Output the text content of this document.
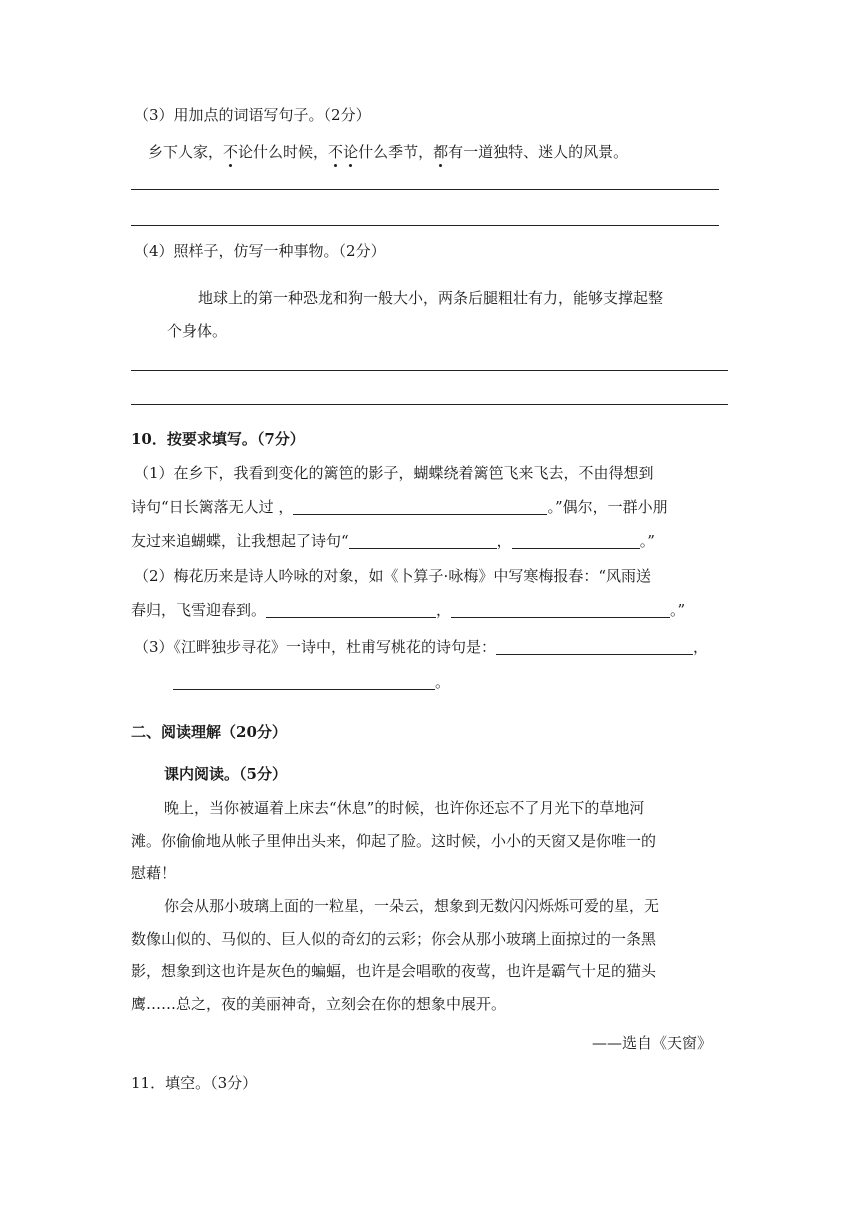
（3）用加点的词语写句子。（2分）
乡下人家，不论什么时候，不论什么季节，都有一道独特、迷人的风景。
（4）照样子，仿写一种事物。（2分）
地球上的第一种恐龙和狗一般大小，两条后腿粗壮有力，能够支撑起整
个身体。
10．按要求填写。（7分）
（1）在乡下，我看到变化的篱笆的影子，蝴蝶绕着篱笆飞来飞去，不由得想到
诗句“日长篱落无人过 ，	。”偶尔，一群小朋
友过来追蝴蝶，让我想起了诗句“	，	。”
（2）梅花历来是诗人吟咏的对象，如《卜算子·咏梅》中写寒梅报春：“风雨送
春归，飞雪迎春到。	，	。”
（3）《江畔独步寻花》一诗中，杜甫写桃花的诗句是：	，
。
二、阅读理解（20分）
课内阅读。（5分）
晚上，当你被逼着上床去“休息”的时候，也许你还忘不了月光下的草地河
滩。你偷偷地从帐子里伸出头来，仰起了脸。这时候，小小的天窗又是你唯一的
慰藉！
你会从那小玻璃上面的一粒星，一朵云，想象到无数闪闪烁烁可爱的星，无
数像山似的、马似的、巨人似的奇幻的云彩；你会从那小玻璃上面掠过的一条黑
影，想象到这也许是灰色的蝙蝠，也许是会唱歌的夜莺，也许是霸气十足的猫头
鹰……总之，夜的美丽神奇，立刻会在你的想象中展开。
——选自《天窗》
11．填空。（3分）
